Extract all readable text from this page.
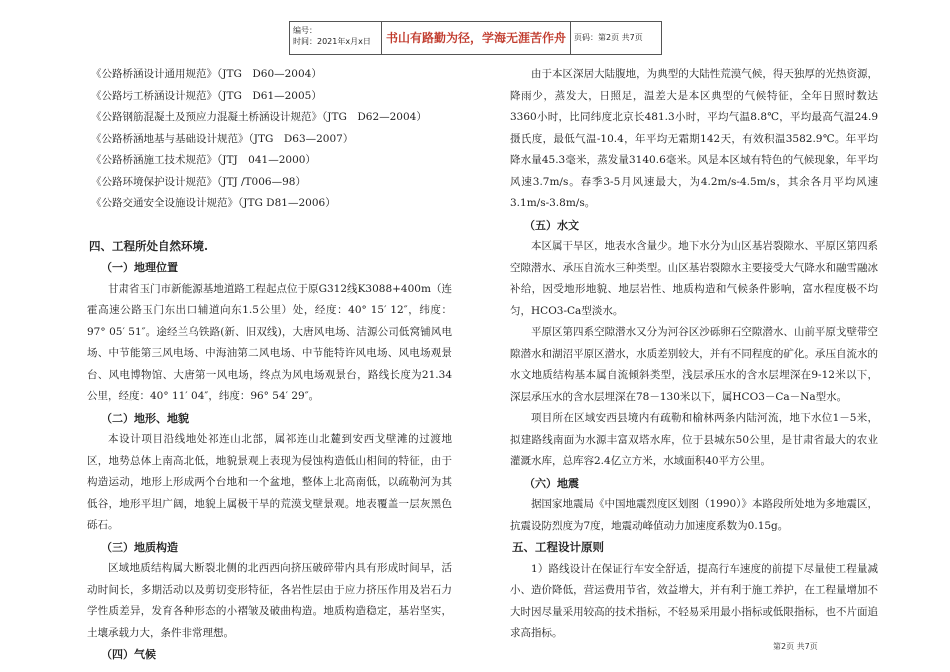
编号：
时间：2021年x月x日	书山有路勤为径，学海无涯苦作舟	页码：第2页 共7页
《公路桥涵设计通用规范》（JTG　D60—2004）
《公路圬工桥涵设计规范》（JTG　D61—2005）
《公路钢筋混凝土及预应力混凝土桥涵设计规范》（JTG　D62—2004）
《公路桥涵地基与基础设计规范》（JTG　D63—2007）
《公路桥涵施工技术规范》（JTJ　041—2000）
《公路环境保护设计规范》（JTJ /T006—98）
《公路交通安全设施设计规范》（JTG D81—2006）
四、工程所处自然环境.
（一）地理位置
甘肃省玉门市新能源基地道路工程起点位于原G312线K3088+400m（连霍高速公路玉门东出口辅道向东1.5公里）处，经度：40° 15′ 12″，纬度：97° 05′ 51″。途经兰乌铁路(新、旧双线)，大唐风电场、洁源公司低窝铺风电场、中节能第三风电场、中海油第二风电场、中节能特许风电场、风电场观景台、风电博物馆、大唐第一风电场，终点为风电场观景台，路线长度为21.34公里，经度：40° 11′ 04″，纬度：96° 54′ 29″。
（二）地形、地貌
本设计项目沿线地处祁连山北部，属祁连山北麓到安西戈壁滩的过渡地区，地势总体上南高北低，地貌景观上表现为侵蚀构造低山相间的特征，由于构造运动，地形上形成两个台地和一个盆地，整体上北高南低，以疏勒河为其低谷，地形平坦广阔，地貌上属极干旱的荒漠戈壁景观。地表覆盖一层灰黑色砾石。
（三）地质构造
区域地质结构属大断裂北侧的北西西向挤压破碎带内具有形成时间早，活动时间长，多期活动以及剪切变形特征，各岩性层由于应力挤压作用及岩石力学性质差异，发育各种形态的小褶皱及破曲构造。地质构造稳定，基岩坚实，土壤承载力大，条件非常理想。
（四）气候
由于本区深居大陆腹地，为典型的大陆性荒漠气候，得天独厚的光热资源，降雨少，蒸发大，日照足，温差大是本区典型的气候特征，全年日照时数达3360小时，比同纬度北京长481.3小时，平均气温8.8℃，平均最高气温24.9摄氏度，最低气温-10.4，年平均无霜期142天，有效积温3582.9℃。年平均降水量45.3毫米，蒸发量3140.6毫米。风是本区域有特色的气候现象，年平均风速3.7m/s。春季3-5月风速最大，为4.2m/s-4.5m/s，其余各月平均风速3.1m/s-3.8m/s。
（五）水文
本区属干旱区，地表水含量少。地下水分为山区基岩裂隙水、平原区第四系空隙潜水、承压自流水三种类型。山区基岩裂隙水主要接受大气降水和融雪融冰补给，因受地形地貌、地层岩性、地质构造和气候条件影响，富水程度极不均匀，HCO3-Ca型淡水。
平原区第四系空隙潜水又分为河谷区沙砾卵石空隙潜水、山前平原戈壁带空隙潜水和湖沼平原区潜水，水质差别较大，并有不同程度的矿化。承压自流水的水文地质结构基本属自流倾斜类型，浅层承压水的含水层埋深在9-12米以下，深层承压水的含水层埋深在78－130米以下，属HCO3－Ca－Na型水。
项目所在区域安西县境内有疏勒和榆林两条内陆河流，地下水位1－5米，拟建路线南面为水源丰富双塔水库，位于县城东50公里，是甘肃省最大的农业灌溉水库，总库容2.4亿立方米，水域面积40平方公里。
（六）地震
据国家地震局《中国地震烈度区划图（1990）》本路段所处地为多地震区，抗震设防烈度为7度，地震动峰值动力加速度系数为0.15g。
五、工程设计原则
1）路线设计在保证行车安全舒适，提高行车速度的前提下尽量使工程量减小、造价降低，营运费用节省，效益增大，并有利于施工养护，在工程量增加不大时因尽量采用较高的技术指标，不轻易采用最小指标或低限指标，也不片面追求高指标。
第2页 共7页
